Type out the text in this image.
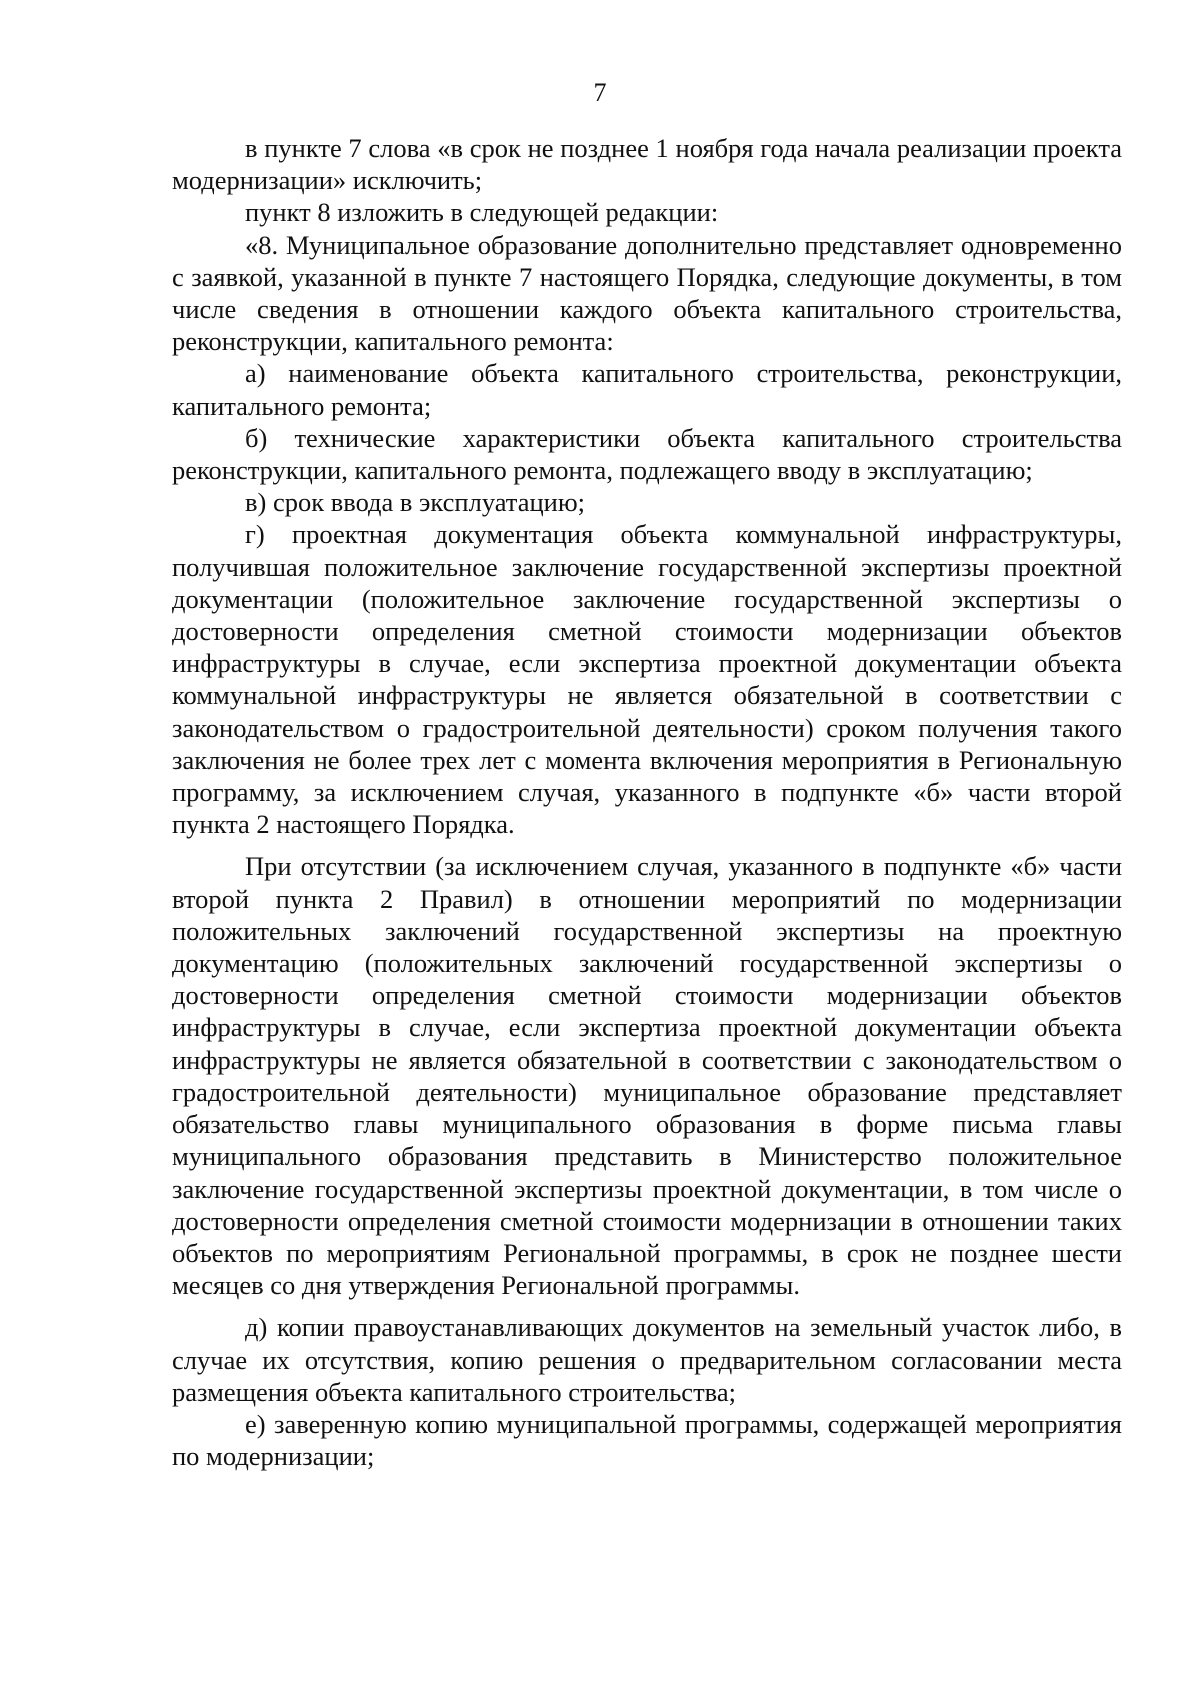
7

в пункте 7 слова «в срок не позднее 1 ноября года начала реализации проекта модернизации» исключить;

пункт 8 изложить в следующей редакции:

«8. Муниципальное образование дополнительно представляет одновременно с заявкой, указанной в пункте 7 настоящего Порядка, следующие документы, в том числе сведения в отношении каждого объекта капитального строительства, реконструкции, капитального ремонта:

а) наименование объекта капитального строительства, реконструкции, капитального ремонта;

б) технические характеристики объекта капитального строительства реконструкции, капитального ремонта, подлежащего вводу в эксплуатацию;

в) срок ввода в эксплуатацию;

г) проектная документация объекта коммунальной инфраструктуры, получившая положительное заключение государственной экспертизы проектной документации (положительное заключение государственной экспертизы о достоверности определения сметной стоимости модернизации объектов инфраструктуры в случае, если экспертиза проектной документации объекта коммунальной инфраструктуры не является обязательной в соответствии с законодательством о градостроительной деятельности) сроком получения такого заключения не более трех лет с момента включения мероприятия в Региональную программу, за исключением случая, указанного в подпункте «б» части второй пункта 2 настоящего Порядка.

При отсутствии (за исключением случая, указанного в подпункте «б» части второй пункта 2 Правил) в отношении мероприятий по модернизации положительных заключений государственной экспертизы на проектную документацию (положительных заключений государственной экспертизы о достоверности определения сметной стоимости модернизации объектов инфраструктуры в случае, если экспертиза проектной документации объекта инфраструктуры не является обязательной в соответствии с законодательством о градостроительной деятельности) муниципальное образование представляет обязательство главы муниципального образования в форме письма главы муниципального образования представить в Министерство положительное заключение государственной экспертизы проектной документации, в том числе о достоверности определения сметной стоимости модернизации в отношении таких объектов по мероприятиям Региональной программы, в срок не позднее шести месяцев со дня утверждения Региональной программы.

д) копии правоустанавливающих документов на земельный участок либо, в случае их отсутствия, копию решения о предварительном согласовании места размещения объекта капитального строительства;

е) заверенную копию муниципальной программы, содержащей мероприятия по модернизации;
